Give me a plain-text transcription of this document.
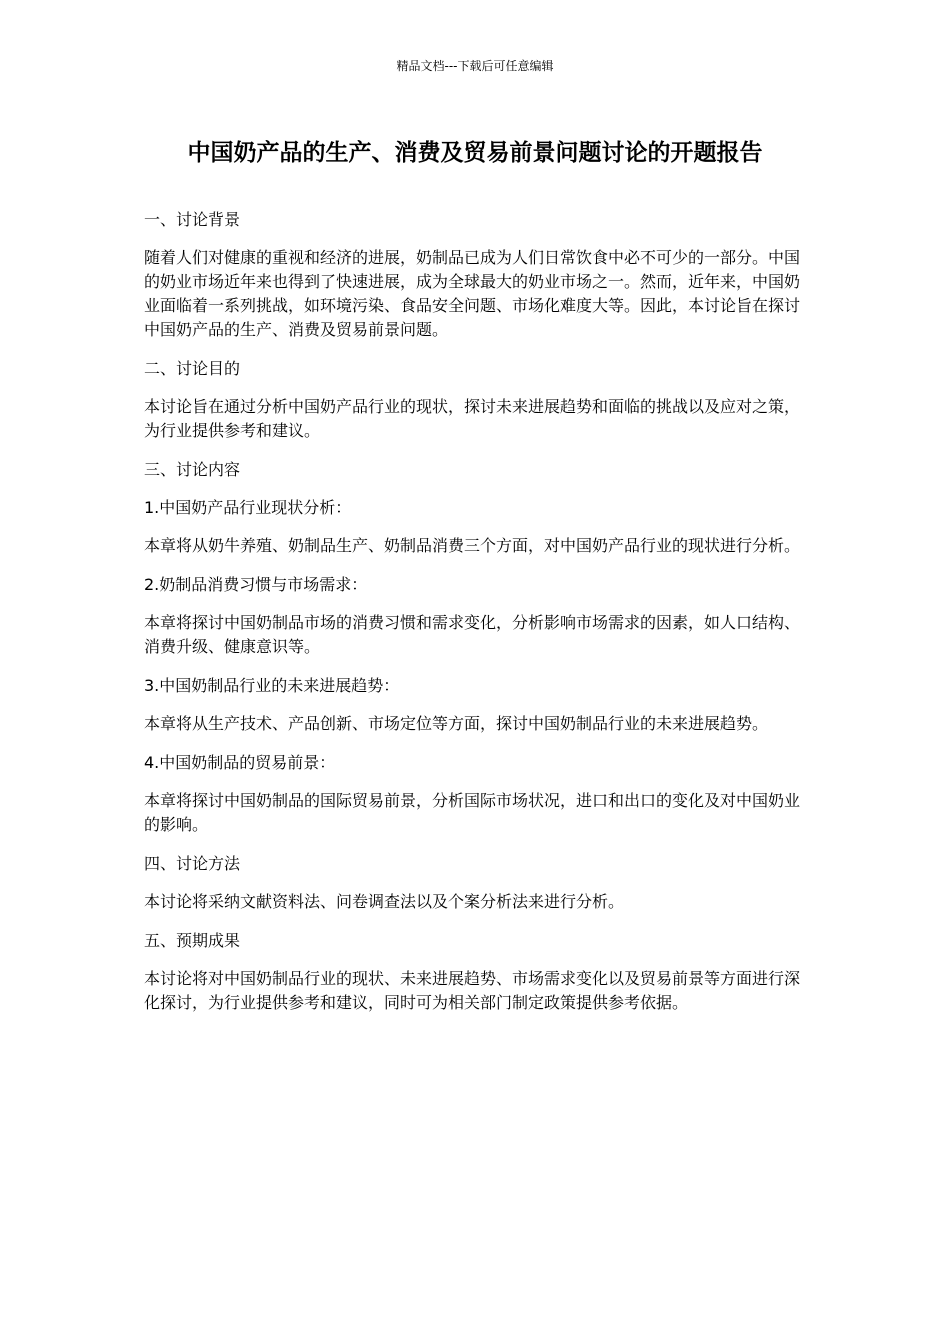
精品文档---下载后可任意编辑
中国奶产品的生产、消费及贸易前景问题讨论的开题报告

一、讨论背景

随着人们对健康的重视和经济的进展，奶制品已成为人们日常饮食中必不可少的一部分。中国的奶业市场近年来也得到了快速进展，成为全球最大的奶业市场之一。然而，近年来，中国奶业面临着一系列挑战，如环境污染、食品安全问题、市场化难度大等。因此，本讨论旨在探讨中国奶产品的生产、消费及贸易前景问题。

二、讨论目的

本讨论旨在通过分析中国奶产品行业的现状，探讨未来进展趋势和面临的挑战以及应对之策，为行业提供参考和建议。

三、讨论内容

1.中国奶产品行业现状分析：

本章将从奶牛养殖、奶制品生产、奶制品消费三个方面，对中国奶产品行业的现状进行分析。

2.奶制品消费习惯与市场需求：

本章将探讨中国奶制品市场的消费习惯和需求变化，分析影响市场需求的因素，如人口结构、消费升级、健康意识等。

3.中国奶制品行业的未来进展趋势：

本章将从生产技术、产品创新、市场定位等方面，探讨中国奶制品行业的未来进展趋势。

4.中国奶制品的贸易前景：

本章将探讨中国奶制品的国际贸易前景，分析国际市场状况，进口和出口的变化及对中国奶业的影响。

四、讨论方法

本讨论将采纳文献资料法、问卷调查法以及个案分析法来进行分析。

五、预期成果

本讨论将对中国奶制品行业的现状、未来进展趋势、市场需求变化以及贸易前景等方面进行深化探讨，为行业提供参考和建议，同时可为相关部门制定政策提供参考依据。
